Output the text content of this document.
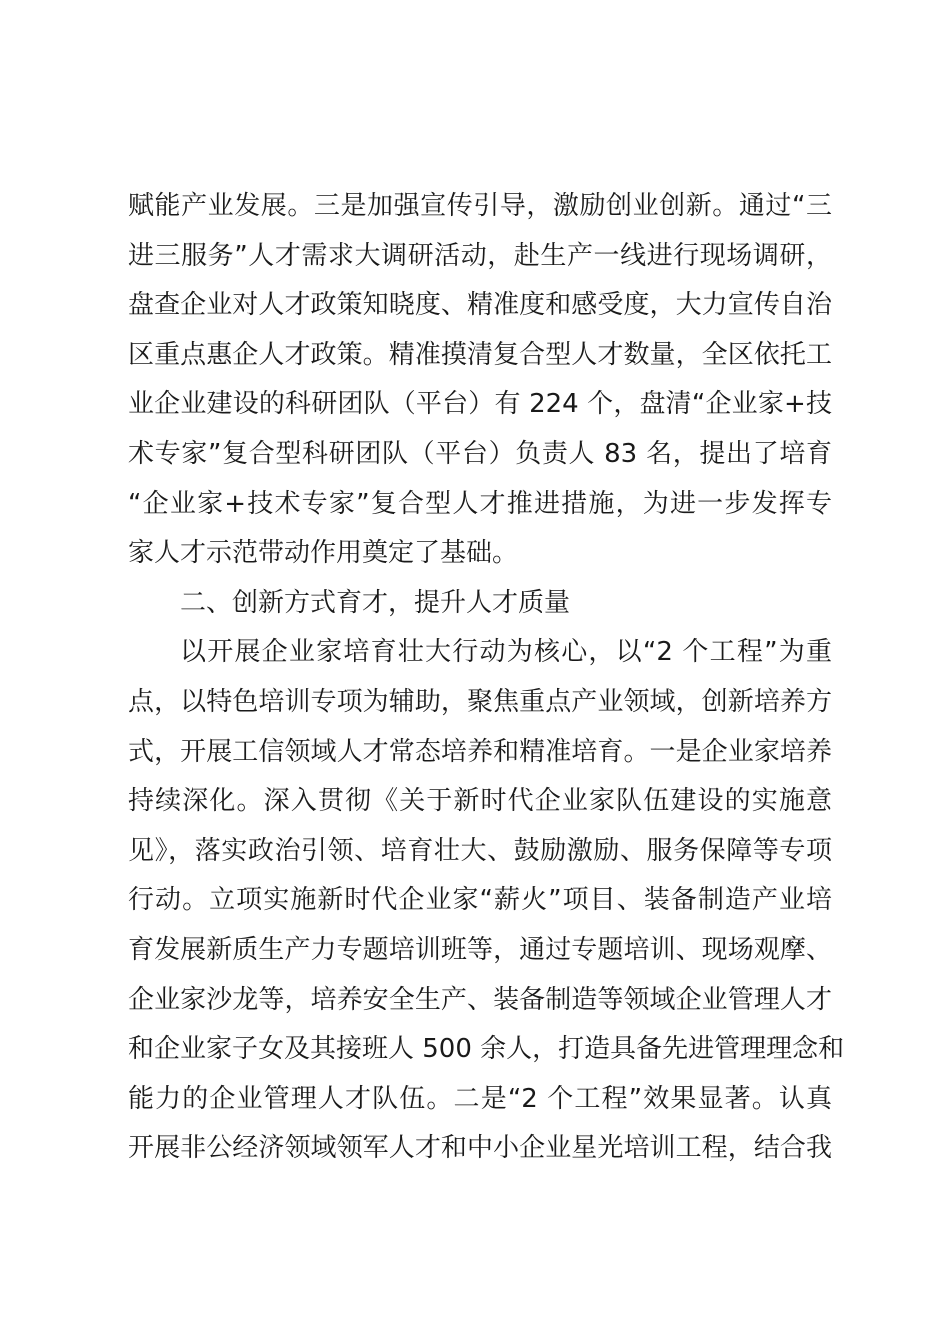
赋能产业发展。三是加强宣传引导，激励创业创新。通过“三
进三服务”人才需求大调研活动，赴生产一线进行现场调研，
盘查企业对人才政策知晓度、精准度和感受度，大力宣传自治
区重点惠企人才政策。精准摸清复合型人才数量，全区依托工
业企业建设的科研团队（平台）有 224 个，盘清“企业家+技
术专家”复合型科研团队（平台）负责人 83 名，提出了培育
“企业家+技术专家”复合型人才推进措施，为进一步发挥专
家人才示范带动作用奠定了基础。
二、创新方式育才，提升人才质量
以开展企业家培育壮大行动为核心，以“2 个工程”为重
点，以特色培训专项为辅助，聚焦重点产业领域，创新培养方
式，开展工信领域人才常态培养和精准培育。一是企业家培养
持续深化。深入贯彻《关于新时代企业家队伍建设的实施意
见》，落实政治引领、培育壮大、鼓励激励、服务保障等专项
行动。立项实施新时代企业家“薪火”项目、装备制造产业培
育发展新质生产力专题培训班等，通过专题培训、现场观摩、
企业家沙龙等，培养安全生产、装备制造等领域企业管理人才
和企业家子女及其接班人 500 余人，打造具备先进管理理念和
能力的企业管理人才队伍。二是“2 个工程”效果显著。认真
开展非公经济领域领军人才和中小企业星光培训工程，结合我
